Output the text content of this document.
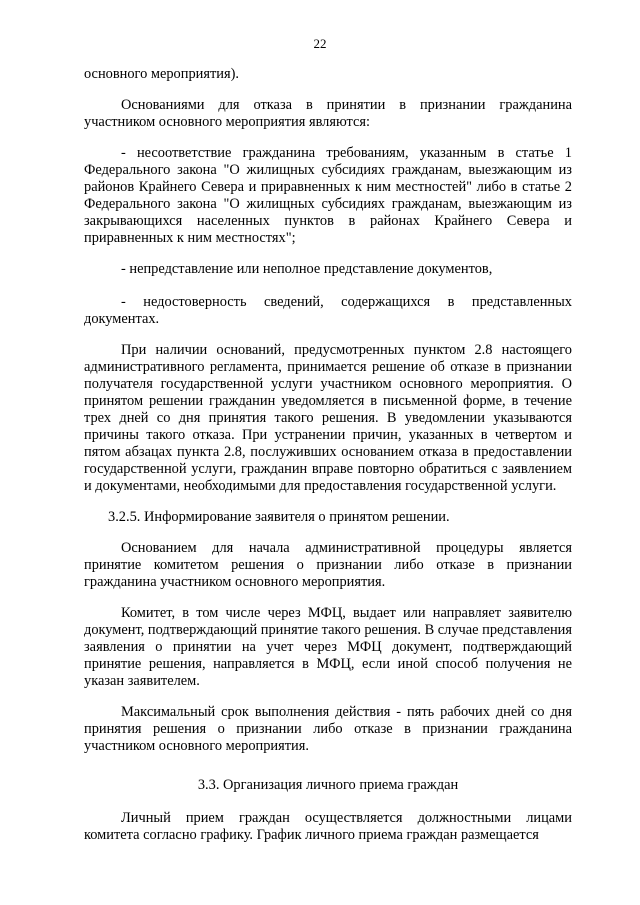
22

основного мероприятия).

Основаниями для отказа в принятии в признании гражданина участником основного мероприятия являются:

- несоответствие гражданина требованиям, указанным в статье 1 Федерального закона "О жилищных субсидиях гражданам, выезжающим из районов Крайнего Севера и приравненных к ним местностей" либо в статье 2 Федерального закона "О жилищных субсидиях гражданам, выезжающим из закрывающихся населенных пунктов в районах Крайнего Севера и приравненных к ним местностях";

- непредставление или неполное представление документов,

- недостоверность сведений, содержащихся в представленных документах.

При наличии оснований, предусмотренных пунктом 2.8 настоящего административного регламента, принимается решение об отказе в признании получателя государственной услуги участником основного мероприятия. О принятом решении гражданин уведомляется в письменной форме, в течение трех дней со дня принятия такого решения. В уведомлении указываются причины такого отказа. При устранении причин, указанных в четвертом и пятом абзацах пункта 2.8, послуживших основанием отказа в предоставлении государственной услуги, гражданин вправе повторно обратиться с заявлением и документами, необходимыми для предоставления государственной услуги.

3.2.5. Информирование заявителя о принятом решении.

Основанием для начала административной процедуры является принятие комитетом решения о признании либо отказе в признании гражданина участником основного мероприятия.

Комитет, в том числе через МФЦ, выдает или направляет заявителю документ, подтверждающий принятие такого решения. В случае представления заявления о принятии на учет через МФЦ документ, подтверждающий принятие решения, направляется в МФЦ, если иной способ получения не указан заявителем.

Максимальный срок выполнения действия - пять рабочих дней со дня принятия решения о признании либо отказе в признании гражданина участником основного мероприятия.

3.3. Организация личного приема граждан

Личный прием граждан осуществляется должностными лицами комитета согласно графику. График личного приема граждан размещается
